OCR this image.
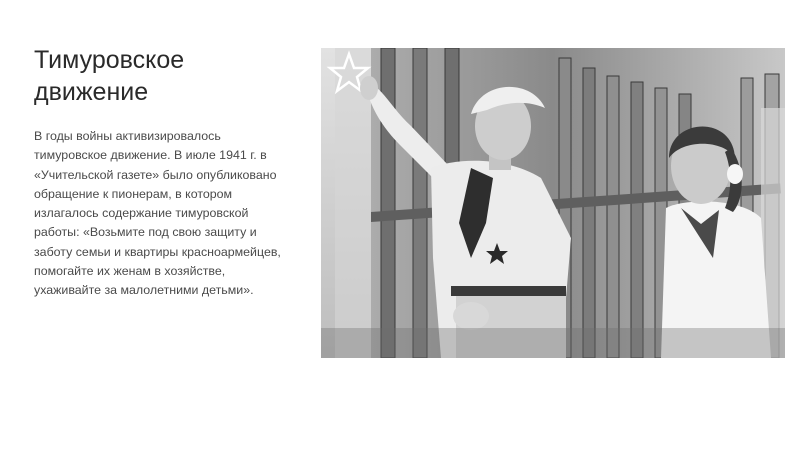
Тимуровское
движение

В годы войны активизировалось тимуровское движение. В июле 1941 г. в «Учительской газете» было опубликовано обращение к пионерам, в котором излагалось содержание тимуровской работы: «Возьмите под свою защиту и заботу семьи и квартиры красноармейцев, помогайте их женам в хозяйстве, ухаживайте за малолетними детьми».
